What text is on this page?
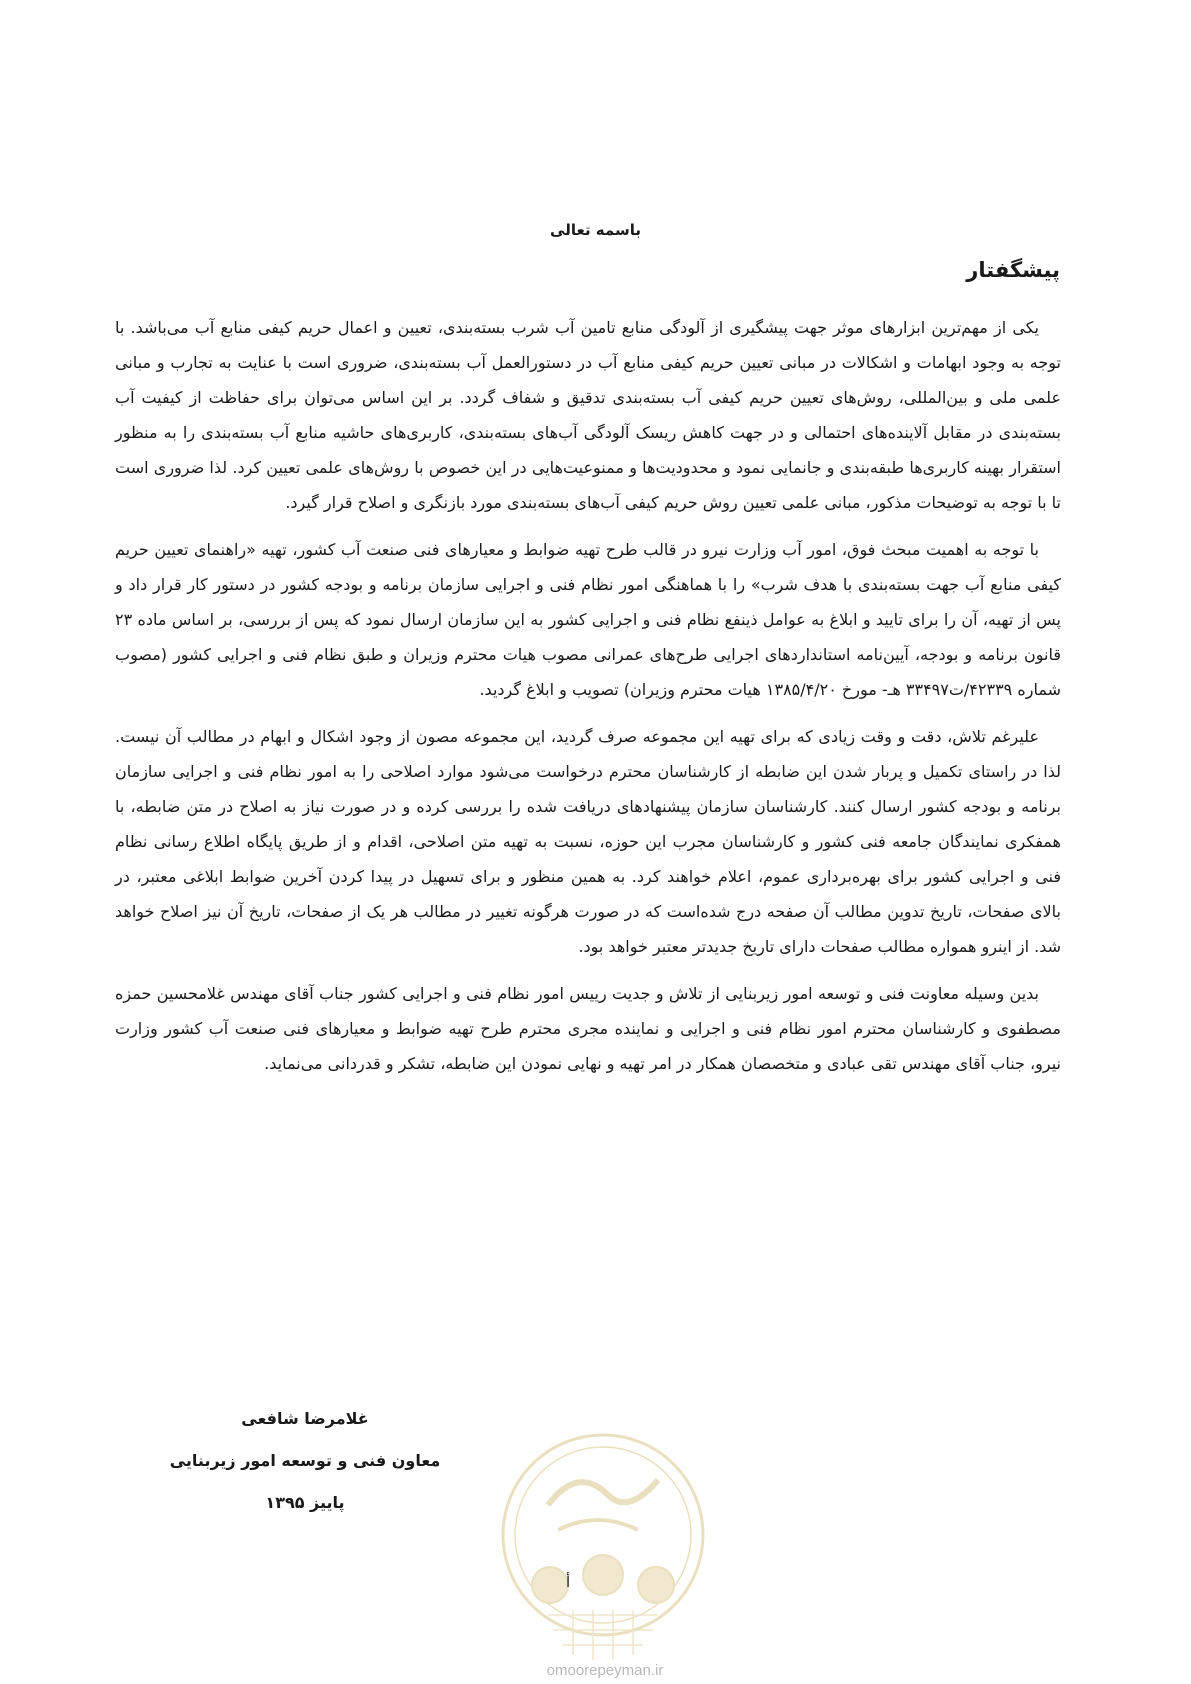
باسمه تعالی
پیشگفتار

یکی از مهم‌ترین ابزارهای موثر جهت پیشگیری از آلودگی منابع تامین آب شرب بسته‌بندی، تعیین و اعمال حریم کیفی منابع آب می‌باشد. با توجه به وجود ابهامات و اشکالات در مبانی تعیین حریم کیفی منابع آب در دستورالعمل آب بسته‌بندی، ضروری است با عنایت به تجارب و مبانی علمی ملی و بین‌المللی، روش‌های تعیین حریم کیفی آب بسته‌بندی تدقیق و شفاف گردد. بر این اساس می‌توان برای حفاظت از کیفیت آب بسته‌بندی در مقابل آلاینده‌های احتمالی و در جهت کاهش ریسک آلودگی آب‌های بسته‌بندی، کاربری‌های حاشیه منابع آب بسته‌بندی را به منظور استقرار بهینه کاربری‌ها طبقه‌بندی و جانمایی نمود و محدودیت‌ها و ممنوعیت‌هایی در این خصوص با روش‌های علمی تعیین کرد. لذا ضروری است تا با توجه به توضیحات مذکور، مبانی علمی تعیین روش حریم کیفی آب‌های بسته‌بندی مورد بازنگری و اصلاح قرار گیرد.

با توجه به اهمیت مبحث فوق، امور آب وزارت نیرو در قالب طرح تهیه ضوابط و معیارهای فنی صنعت آب کشور، تهیه «راهنمای تعیین حریم کیفی منابع آب جهت بسته‌بندی با هدف شرب» را با هماهنگی امور نظام فنی و اجرایی سازمان برنامه و بودجه کشور در دستور کار قرار داد و پس از تهیه، آن را برای تایید و ابلاغ به عوامل ذینفع نظام فنی و اجرایی کشور به این سازمان ارسال نمود که پس از بررسی، بر اساس ماده ۲۳ قانون برنامه و بودجه، آیین‌نامه استانداردهای اجرایی طرح‌های عمرانی مصوب هیات محترم وزیران و طبق نظام فنی و اجرایی کشور (مصوب شماره ۴۲۳۳۹/ت۳۳۴۹۷ هـ- مورخ ۱۳۸۵/۴/۲۰ هیات محترم وزیران) تصویب و ابلاغ گردید.

علیرغم تلاش، دقت و وقت زیادی که برای تهیه این مجموعه صرف گردید، این مجموعه مصون از وجود اشکال و ابهام در مطالب آن نیست. لذا در راستای تکمیل و پربار شدن این ضابطه از کارشناسان محترم درخواست می‌شود موارد اصلاحی را به امور نظام فنی و اجرایی سازمان برنامه و بودجه کشور ارسال کنند. کارشناسان سازمان پیشنهادهای دریافت شده را بررسی کرده و در صورت نیاز به اصلاح در متن ضابطه، با همفکری نمایندگان جامعه فنی کشور و کارشناسان مجرب این حوزه، نسبت به تهیه متن اصلاحی، اقدام و از طریق پایگاه اطلاع رسانی نظام فنی و اجرایی کشور برای بهره‌برداری عموم، اعلام خواهند کرد. به همین منظور و برای تسهیل در پیدا کردن آخرین ضوابط ابلاغی معتبر، در بالای صفحات، تاریخ تدوین مطالب آن صفحه درج شده‌است که در صورت هرگونه تغییر در مطالب هر یک از صفحات، تاریخ آن نیز اصلاح خواهد شد. از اینرو همواره مطالب صفحات دارای تاریخ جدیدتر معتبر خواهد بود.

بدین وسیله معاونت فنی و توسعه امور زیربنایی از تلاش و جدیت رییس امور نظام فنی و اجرایی کشور جناب آقای مهندس غلامحسین حمزه مصطفوی و کارشناسان محترم امور نظام فنی و اجرایی و نماینده مجری محترم طرح تهیه ضوابط و معیارهای فنی صنعت آب کشور وزارت نیرو، جناب آقای مهندس تقی عبادی و متخصصان همکار در امر تهیه و نهایی نمودن این ضابطه، تشکر و قدردانی می‌نماید.

غلامرضا شافعی
معاون فنی و توسعه امور زیربنایی
پاییز ۱۳۹۵
أ
omoorepeyman.ir
